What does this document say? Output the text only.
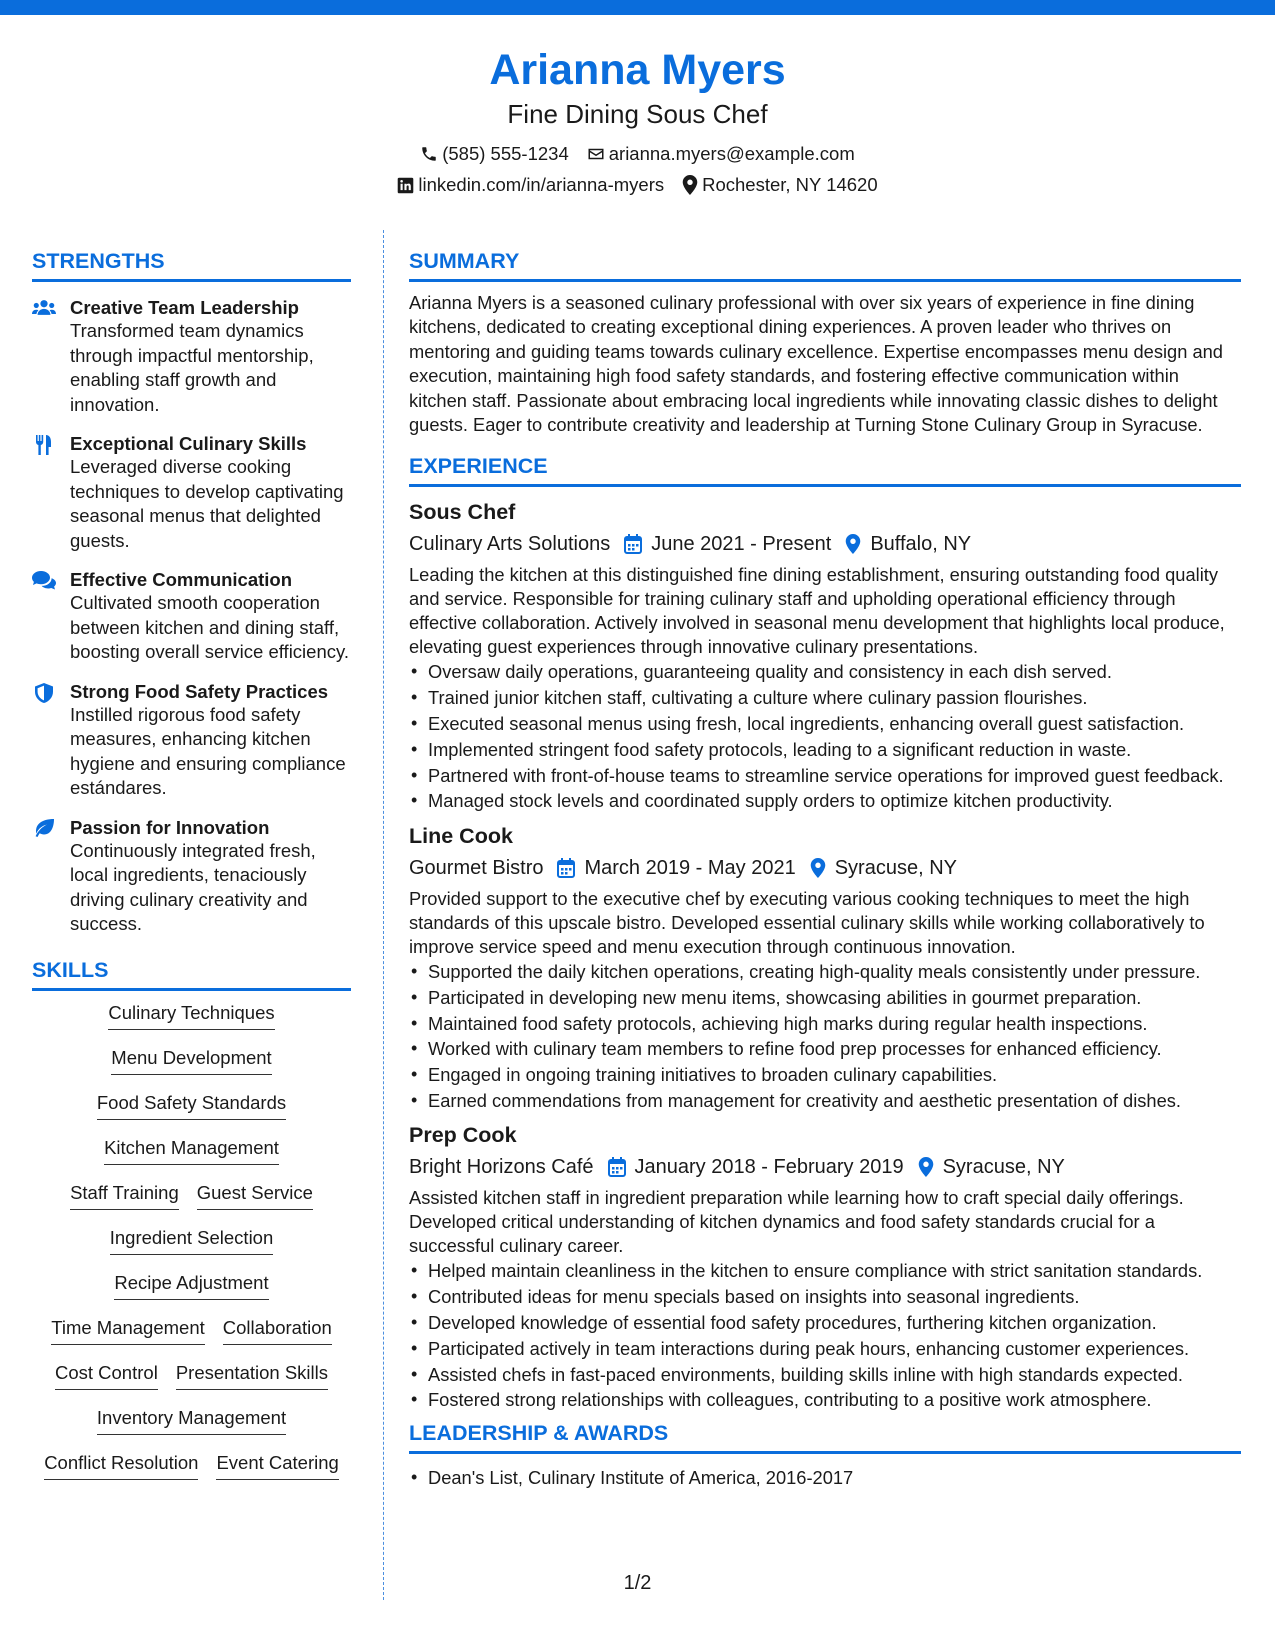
Arianna Myers
Fine Dining Sous Chef
(585) 555-1234 arianna.myers@example.com
linkedin.com/in/arianna-myers Rochester, NY 14620
STRENGTHS
Creative Team Leadership
Transformed team dynamics through impactful mentorship, enabling staff growth and innovation.
Exceptional Culinary Skills
Leveraged diverse cooking techniques to develop captivating seasonal menus that delighted guests.
Effective Communication
Cultivated smooth cooperation between kitchen and dining staff, boosting overall service efficiency.
Strong Food Safety Practices
Instilled rigorous food safety measures, enhancing kitchen hygiene and ensuring compliance estándares.
Passion for Innovation
Continuously integrated fresh, local ingredients, tenaciously driving culinary creativity and success.
SKILLS
Culinary Techniques
Menu Development
Food Safety Standards
Kitchen Management
Staff Training Guest Service
Ingredient Selection
Recipe Adjustment
Time Management Collaboration
Cost Control Presentation Skills
Inventory Management
Conflict Resolution Event Catering
SUMMARY

Arianna Myers is a seasoned culinary professional with over six years of experience in fine dining kitchens, dedicated to creating exceptional dining experiences. A proven leader who thrives on mentoring and guiding teams towards culinary excellence. Expertise encompasses menu design and execution, maintaining high food safety standards, and fostering effective communication within kitchen staff. Passionate about embracing local ingredients while innovating classic dishes to delight guests. Eager to contribute creativity and leadership at Turning Stone Culinary Group in Syracuse.

EXPERIENCE
Sous Chef
Culinary Arts Solutions June 2021 - Present Buffalo, NY

Leading the kitchen at this distinguished fine dining establishment, ensuring outstanding food quality and service. Responsible for training culinary staff and upholding operational efficiency through effective collaboration. Actively involved in seasonal menu development that highlights local produce, elevating guest experiences through innovative culinary presentations.

• Oversaw daily operations, guaranteeing quality and consistency in each dish served.
• Trained junior kitchen staff, cultivating a culture where culinary passion flourishes.
• Executed seasonal menus using fresh, local ingredients, enhancing overall guest satisfaction.
• Implemented stringent food safety protocols, leading to a significant reduction in waste.
• Partnered with front-of-house teams to streamline service operations for improved guest feedback.
• Managed stock levels and coordinated supply orders to optimize kitchen productivity.
Line Cook
Gourmet Bistro March 2019 - May 2021 Syracuse, NY

Provided support to the executive chef by executing various cooking techniques to meet the high standards of this upscale bistro. Developed essential culinary skills while working collaboratively to improve service speed and menu execution through continuous innovation.

• Supported the daily kitchen operations, creating high-quality meals consistently under pressure.
• Participated in developing new menu items, showcasing abilities in gourmet preparation.
• Maintained food safety protocols, achieving high marks during regular health inspections.
• Worked with culinary team members to refine food prep processes for enhanced efficiency.
• Engaged in ongoing training initiatives to broaden culinary capabilities.
• Earned commendations from management for creativity and aesthetic presentation of dishes.
Prep Cook
Bright Horizons Café January 2018 - February 2019 Syracuse, NY

Assisted kitchen staff in ingredient preparation while learning how to craft special daily offerings. Developed critical understanding of kitchen dynamics and food safety standards crucial for a successful culinary career.

• Helped maintain cleanliness in the kitchen to ensure compliance with strict sanitation standards.
• Contributed ideas for menu specials based on insights into seasonal ingredients.
• Developed knowledge of essential food safety procedures, furthering kitchen organization.
• Participated actively in team interactions during peak hours, enhancing customer experiences.
• Assisted chefs in fast-paced environments, building skills inline with high standards expected.
• Fostered strong relationships with colleagues, contributing to a positive work atmosphere.
LEADERSHIP & AWARDS
• Dean's List, Culinary Institute of America, 2016-2017
1/2
